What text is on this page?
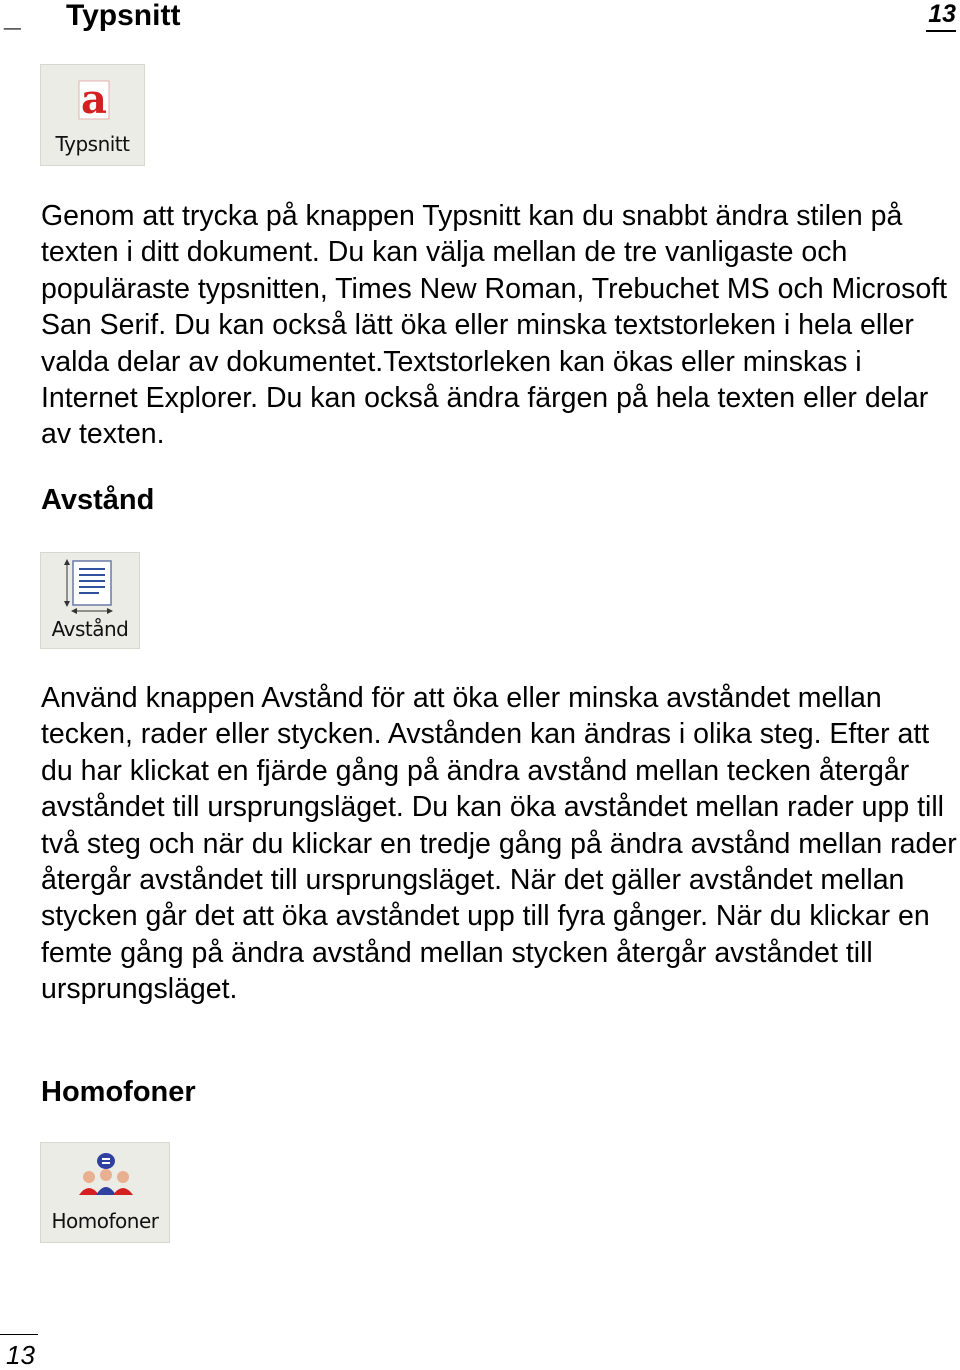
_ Typsnitt	13
a
Typsnitt

Genom att trycka på knappen Typsnitt kan du snabbt ändra stilen på texten i ditt dokument. Du kan välja mellan de tre vanligaste och populäraste typsnitten, Times New Roman, Trebuchet MS och Microsoft San Serif. Du kan också lätt öka eller minska textstorleken i hela eller valda delar av dokumentet.Textstorleken kan ökas eller minskas i Internet Explorer. Du kan också ändra färgen på hela texten eller delar av texten.

Avstånd
Avstånd

Använd knappen Avstånd för att öka eller minska avståndet mellan tecken, rader eller stycken. Avstånden kan ändras i olika steg. Efter att du har klickat en fjärde gång på ändra avstånd mellan tecken återgår avståndet till ursprungsläget. Du kan öka avståndet mellan rader upp till två steg och när du klickar en tredje gång på ändra avstånd mellan rader återgår avståndet till ursprungsläget. När det gäller avståndet mellan stycken går det att öka avståndet upp till fyra gånger. När du klickar en femte gång på ändra avstånd mellan stycken återgår avståndet till ursprungsläget.

Homofoner
Homofoner
13
